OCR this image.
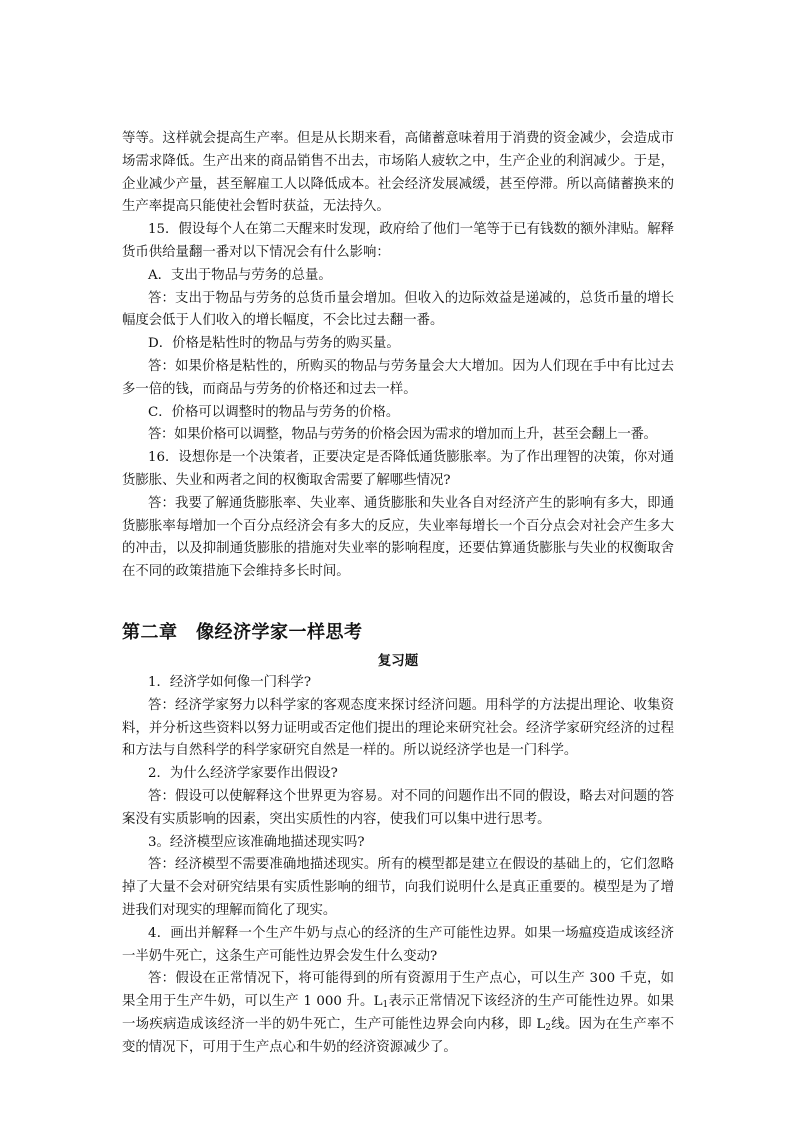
等等。这样就会提高生产率。但是从长期来看，高储蓄意味着用于消费的资金减少，会造成市场需求降低。生产出来的商品销售不出去，市场陷人疲软之中，生产企业的利润减少。于是，企业减少产量，甚至解雇工人以降低成本。社会经济发展减缓，甚至停滞。所以高储蓄换来的生产率提高只能使社会暂时获益，无法持久。

15．假设每个人在第二天醒来时发现，政府给了他们一笔等于已有钱数的额外津贴。解释货币供给量翻一番对以下情况会有什么影响：

A．支出于物品与劳务的总量。

答：支出于物品与劳务的总货币量会增加。但收入的边际效益是递减的，总货币量的增长幅度会低于人们收入的增长幅度，不会比过去翻一番。

D．价格是粘性时的物品与劳务的购买量。

答：如果价格是粘性的，所购买的物品与劳务量会大大增加。因为人们现在手中有比过去多一倍的钱，而商品与劳务的价格还和过去一样。

C．价格可以调整时的物品与劳务的价格。

答：如果价格可以调整，物品与劳务的价格会因为需求的增加而上升，甚至会翻上一番。

16．设想你是一个决策者，正要决定是否降低通货膨胀率。为了作出理智的决策，你对通货膨胀、失业和两者之间的权衡取舍需要了解哪些情况?

答：我要了解通货膨胀率、失业率、通货膨胀和失业各自对经济产生的影响有多大，即通货膨胀率每增加一个百分点经济会有多大的反应，失业率每增长一个百分点会对社会产生多大的冲击，以及抑制通货膨胀的措施对失业率的影响程度，还要估算通货膨胀与失业的权衡取舍在不同的政策措施下会维持多长时间。

第二章　像经济学家一样思考
复习题

1．经济学如何像一门科学?

答：经济学家努力以科学家的客观态度来探讨经济问题。用科学的方法提出理论、收集资料，并分析这些资料以努力证明或否定他们提出的理论来研究社会。经济学家研究经济的过程和方法与自然科学的科学家研究自然是一样的。所以说经济学也是一门科学。

2．为什么经济学家要作出假设?

答：假设可以使解释这个世界更为容易。对不同的问题作出不同的假设，略去对问题的答案没有实质影响的因素，突出实质性的内容，使我们可以集中进行思考。

3。经济模型应该准确地描述现实吗?

答：经济模型不需要准确地描述现实。所有的模型都是建立在假设的基础上的，它们忽略掉了大量不会对研究结果有实质性影响的细节，向我们说明什么是真正重要的。模型是为了增进我们对现实的理解而简化了现实。

4．画出并解释一个生产牛奶与点心的经济的生产可能性边界。如果一场瘟疫造成该经济一半奶牛死亡，这条生产可能性边界会发生什么变动?

答：假设在正常情况下，将可能得到的所有资源用于生产点心，可以生产 300 千克，如果全用于生产牛奶，可以生产 1 000 升。$L_1$表示正常情况下该经济的生产可能性边界。如果一场疾病造成该经济一半的奶牛死亡，生产可能性边界会向内移，即 $L_2$线。因为在生产率不变的情况下，可用于生产点心和牛奶的经济资源减少了。
